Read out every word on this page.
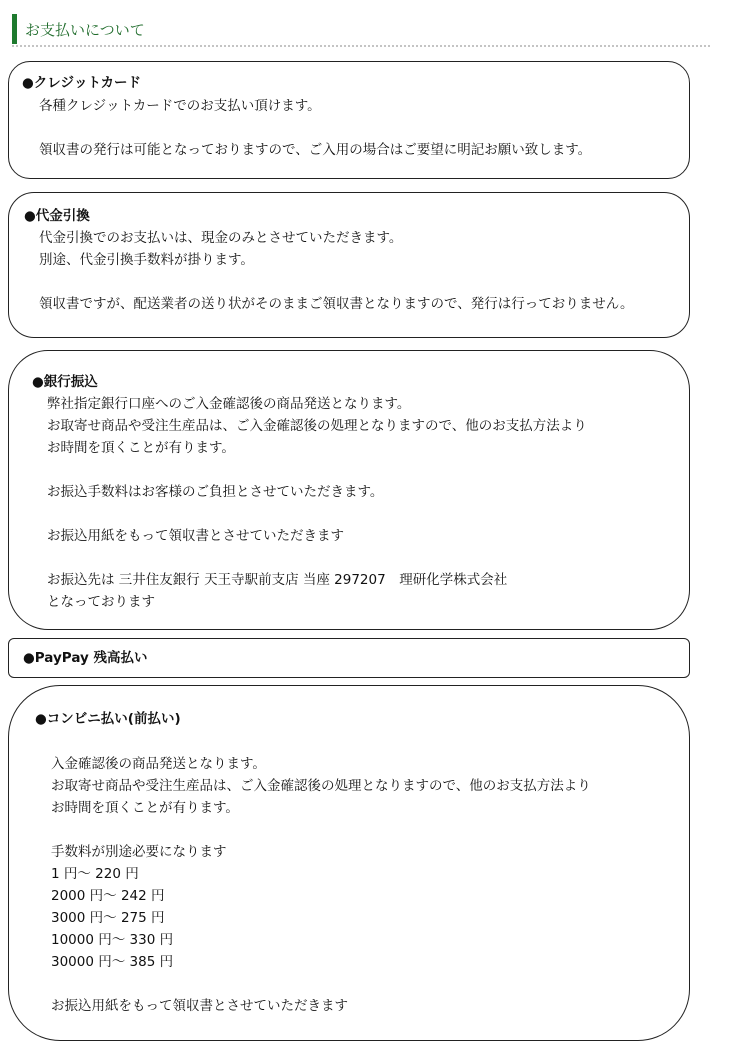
お支払いについて

●クレジットカード

各種クレジットカードでのお支払い頂けます。
領収書の発行は可能となっておりますので、ご入用の場合はご要望に明記お願い致します。

●代金引換

代金引換でのお支払いは、現金のみとさせていただきます。
別途、代金引換手数料が掛ります。
領収書ですが、配送業者の送り状がそのままご領収書となりますので、発行は行っておりません。

●銀行振込

弊社指定銀行口座へのご入金確認後の商品発送となります。
お取寄せ商品や受注生産品は、ご入金確認後の処理となりますので、他のお支払方法より
お時間を頂くことが有ります。
お振込手数料はお客様のご負担とさせていただきます。
お振込用紙をもって領収書とさせていただきます
お振込先は 三井住友銀行 天王寺駅前支店 当座 297207　理研化学株式会社
となっております

●PayPay 残高払い

●コンビニ払い(前払い)

入金確認後の商品発送となります。
お取寄せ商品や受注生産品は、ご入金確認後の処理となりますので、他のお支払方法より
お時間を頂くことが有ります。
手数料が別途必要になります
1 円～ 220 円
2000 円～ 242 円
3000 円～ 275 円
10000 円～ 330 円
30000 円～ 385 円
お振込用紙をもって領収書とさせていただきます
